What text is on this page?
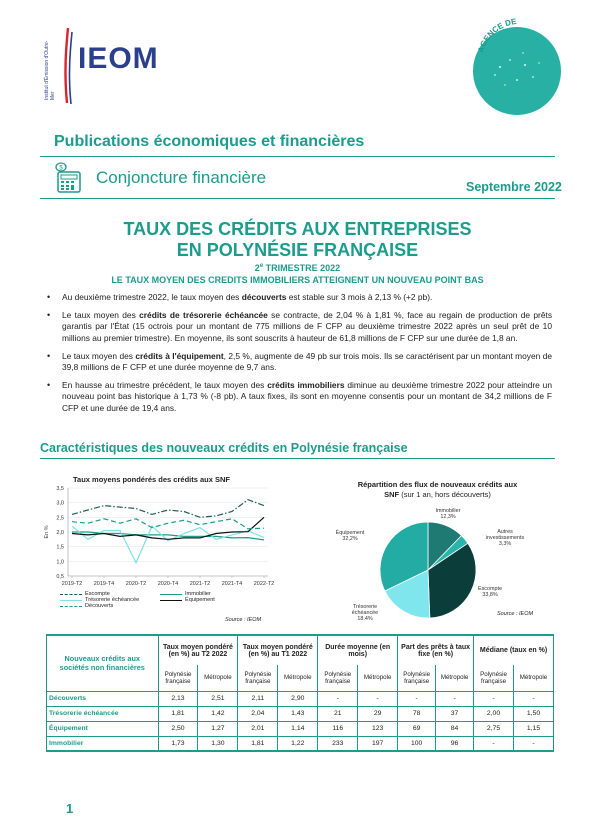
Institut d'Émission d'Outre-Mer
IEOM	AGENCE DE
la Polynésie Française
Publications économiques et financières
$ Conjoncture financière	Septembre 2022
TAUX DES CRÉDITS AUX ENTREPRISES
EN POLYNÉSIE FRANÇAISE
2e TRIMESTRE 2022
LE TAUX MOYEN DES CREDITS IMMOBILIERS ATTEIGNENT UN NOUVEAU POINT BAS
• Au deuxième trimestre 2022, le taux moyen des découverts est stable sur 3 mois à 2,13 % (+2 pb).
• Le taux moyen des crédits de trésorerie échéancée se contracte, de 2,04 % à 1,81 %, face au regain de production de prêts garantis par l'État (15 octrois pour un montant de 775 millions de F CFP au deuxième trimestre 2022 après un seul prêt de 10 millions au premier trimestre). En moyenne, ils sont souscrits à hauteur de 61,8 millions de F CFP sur une durée de 1,8 an.
• Le taux moyen des crédits à l'équipement, 2,5 %, augmente de 49 pb sur trois mois. Ils se caractérisent par un montant moyen de 39,8 millions de F CFP et une durée moyenne de 9,7 ans.
• En hausse au trimestre précédent, le taux moyen des crédits immobiliers diminue au deuxième trimestre 2022 pour atteindre un nouveau point bas historique à 1,73 % (-8 pb). A taux fixes, ils sont en moyenne consentis pour un montant de 34,2 millions de F CFP et une durée de 19,4 ans.
Caractéristiques des nouveaux crédits en Polynésie française
Taux moyens pondérés des crédits aux SNF
0,5
1,0
1,5
2,0
2,5
3,0
3,5
En %
2019-T2 2019-T4 2020-T2 2020-T4 2021-T2 2021-T4 2022-T2
Escompte	Immobilier
Trésorerie échéancée	Équipement
Découverts
Source : IEOM
Répartition des flux de nouveaux crédits aux
SNF (sur 1 an, hors découverts)
Immobilier
12,3%
Autres
investissements
3,3%
Escompte
33,8%
Trésorerie
échéancée
18,4%
Équipement
32,2%
Source : IEOM
Nouveaux crédits aux sociétés non financières	Taux moyen pondéré (en %) au T2 2022		Taux moyen pondéré (en %) au T1 2022		Durée moyenne (en mois)		Part des prêts à taux fixe (en %)		Médiane (taux en %)	
	Polynésie française	Métropole	Polynésie française	Métropole	Polynésie française	Métropole	Polynésie française	Métropole	Polynésie française	Métropole
Découverts	2,13	2,51	2,11	2,90	-	-	-	-	-	-
Trésorerie échéancée	1,81	1,42	2,04	1,43	21	29	78	37	2,00	1,50
Équipement	2,50	1,27	2,01	1,14	116	123	69	84	2,75	1,15
Immobilier	1,73	1,30	1,81	1,22	233	197	100	96	-	-
1
